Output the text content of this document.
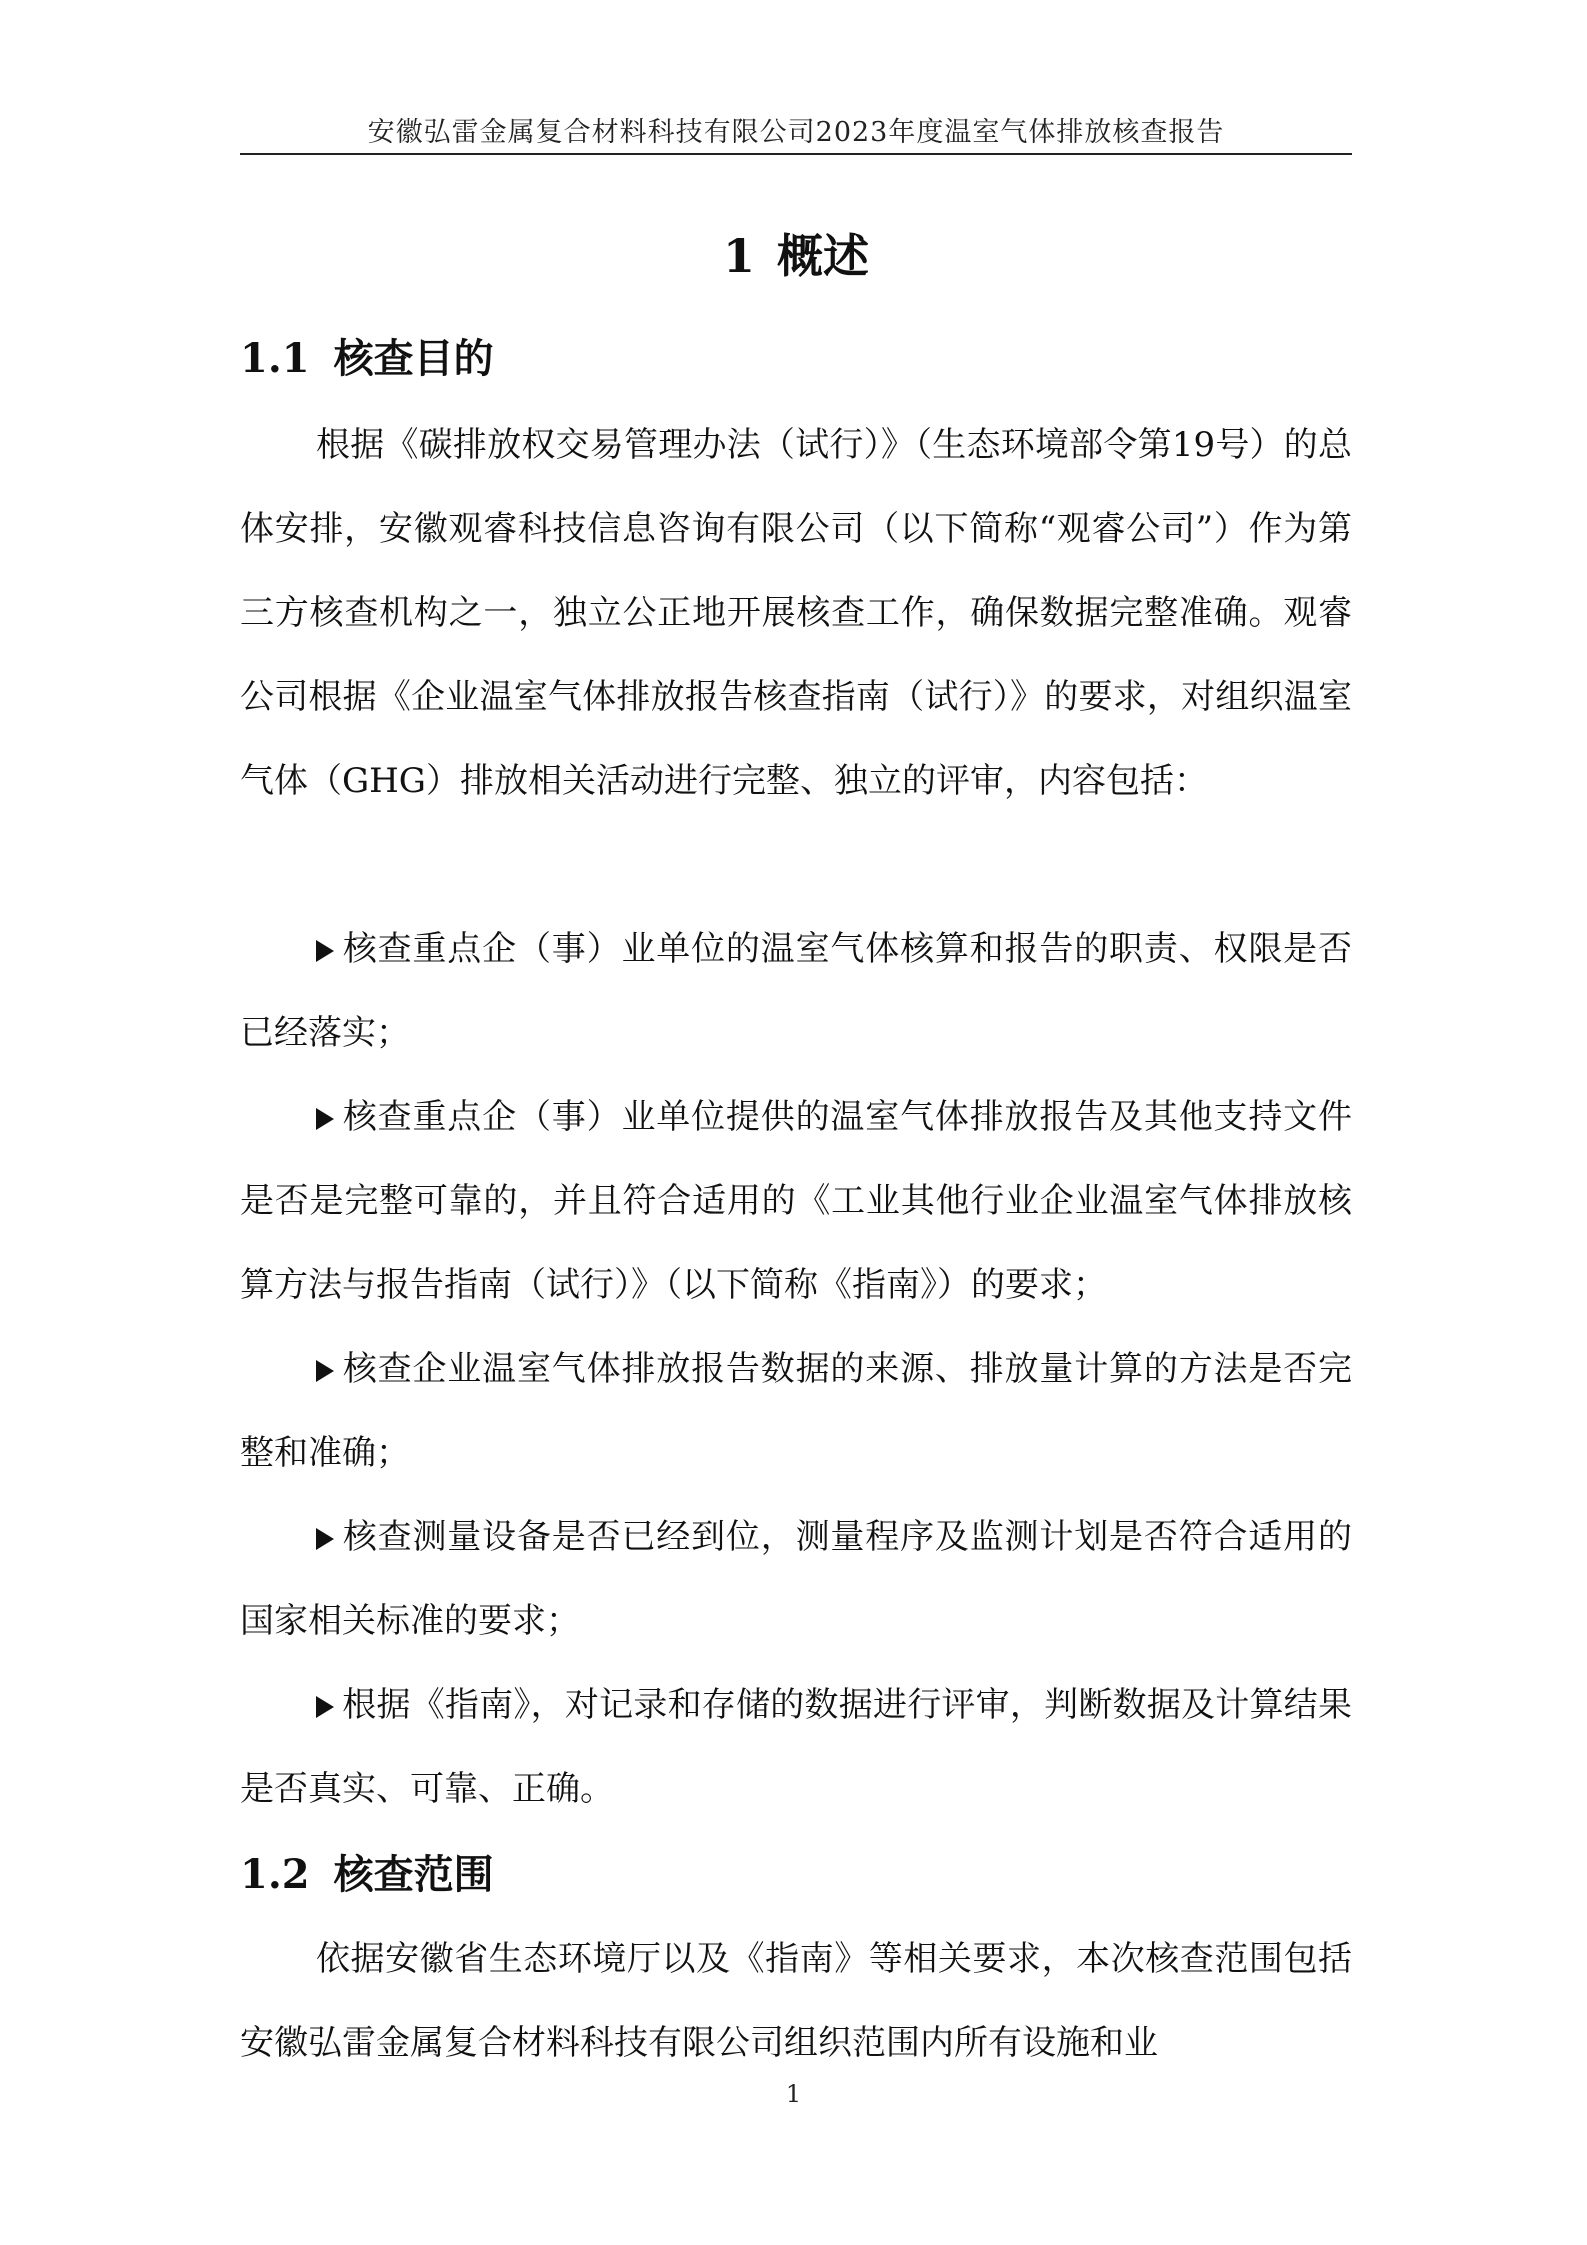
安徽弘雷金属复合材料科技有限公司2023年度温室气体排放核查报告
1 概述
1.1 核查目的

根据《碳排放权交易管理办法（试行）》（生态环境部令第19号）的总体安排，安徽观睿科技信息咨询有限公司（以下简称“观睿公司”）作为第三方核查机构之一，独立公正地开展核查工作，确保数据完整准确。观睿公司根据《企业温室气体排放报告核查指南（试行）》的要求，对组织温室气体（GHG）排放相关活动进行完整、独立的评审，内容包括：

核查重点企（事）业单位的温室气体核算和报告的职责、权限是否已经落实；

核查重点企（事）业单位提供的温室气体排放报告及其他支持文件是否是完整可靠的，并且符合适用的《工业其他行业企业温室气体排放核算方法与报告指南（试行）》（以下简称《指南》）的要求；

核查企业温室气体排放报告数据的来源、排放量计算的方法是否完整和准确；

核查测量设备是否已经到位，测量程序及监测计划是否符合适用的国家相关标准的要求；

根据《指南》，对记录和存储的数据进行评审，判断数据及计算结果是否真实、可靠、正确。

1.2 核查范围

依据安徽省生态环境厅以及《指南》等相关要求，本次核查范围包括安徽弘雷金属复合材料科技有限公司组织范围内所有设施和业

1
